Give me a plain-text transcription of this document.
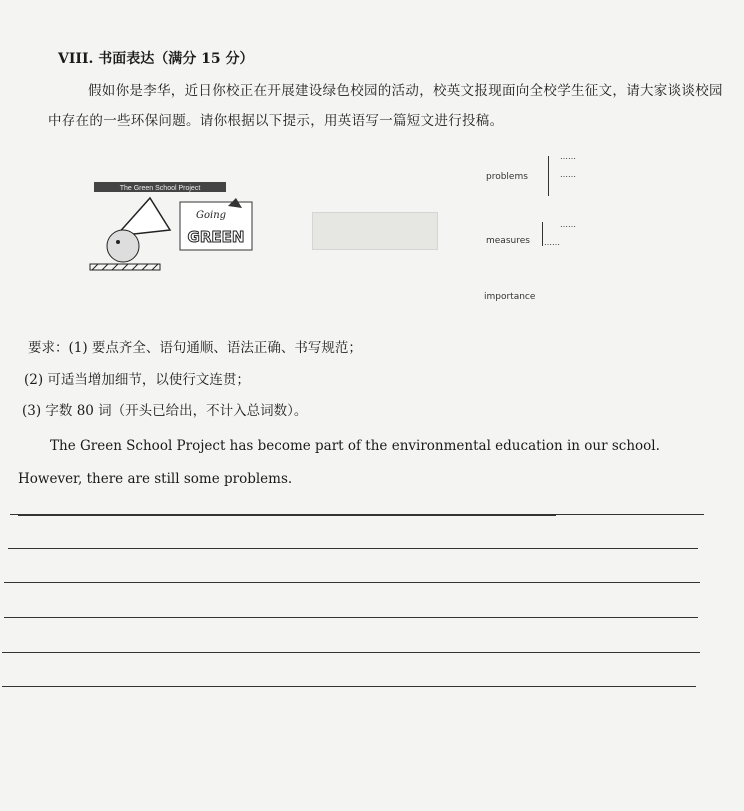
VIII. 书面表达（满分 15 分）
假如你是李华，近日你校正在开展建设绿色校园的活动，校英文报现面向全校学生征文，请大家谈谈校园中存在的一些环保问题。请你根据以下提示，用英语写一篇短文进行投稿。
The Green School Project
Going
GREEN
problems
……
……
measures
……
……
importance
要求：(1) 要点齐全、语句通顺、语法正确、书写规范；
(2) 可适当增加细节，以使行文连贯；
(3) 字数 80 词（开头已给出，不计入总词数）。
The Green School Project has become part of the environmental education in our school. However, there are still some problems.
